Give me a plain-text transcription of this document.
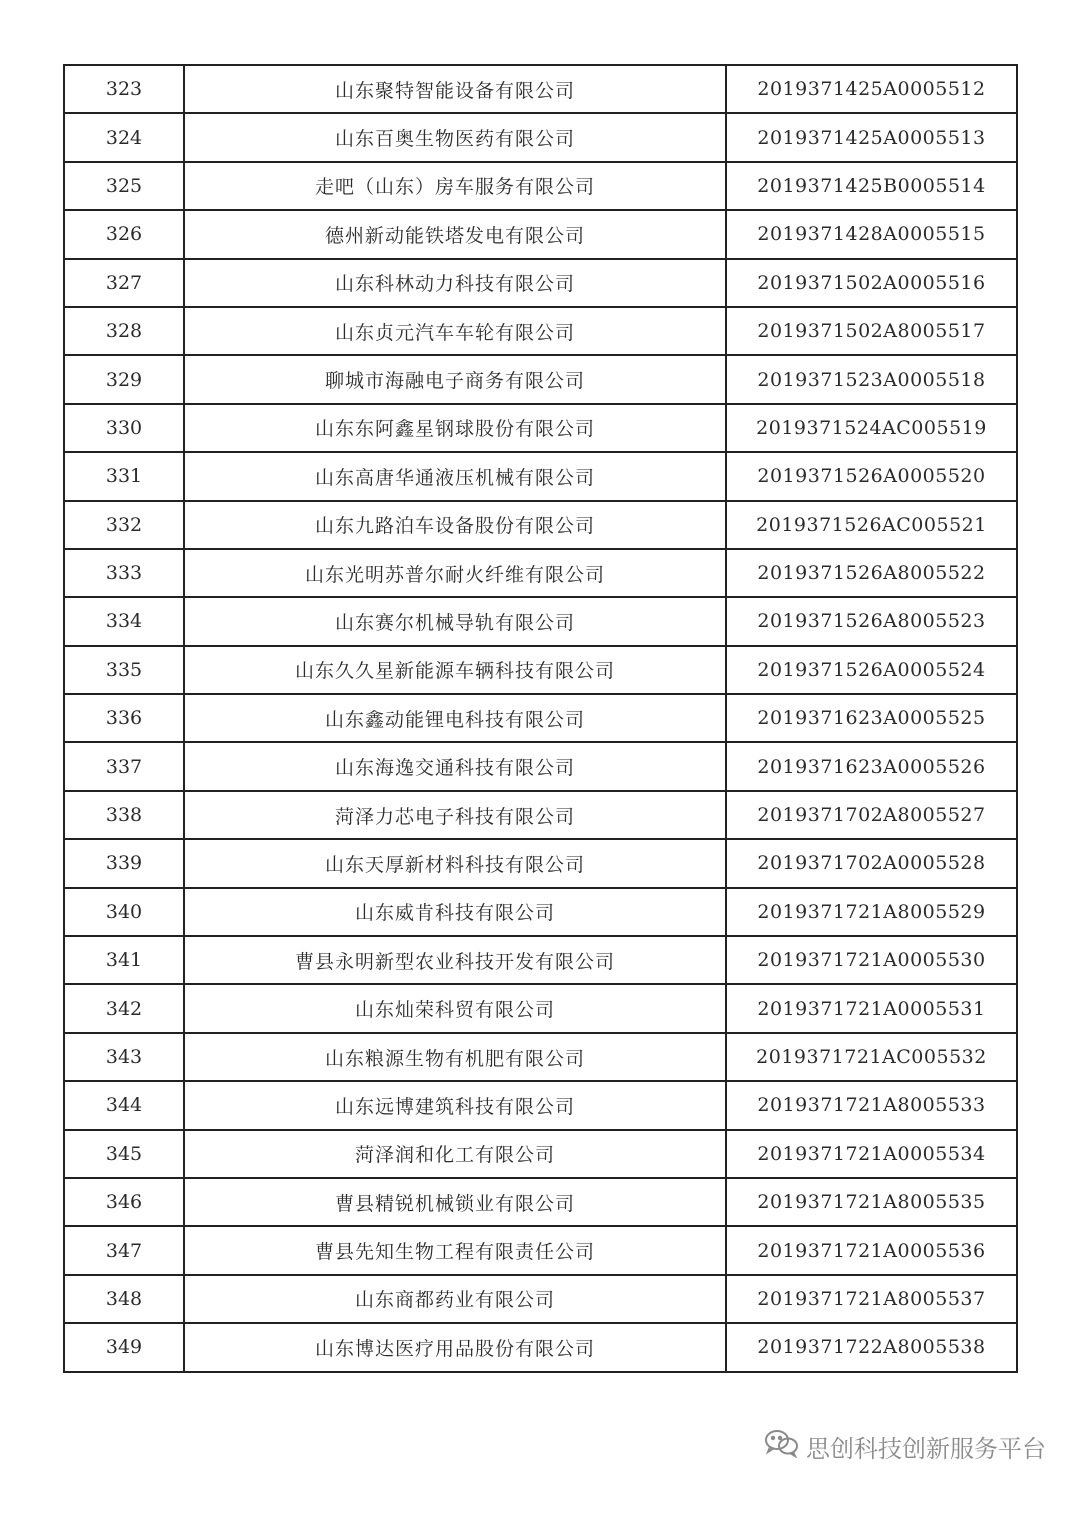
323	山东聚特智能设备有限公司	2019371425A0005512
324	山东百奥生物医药有限公司	2019371425A0005513
325	走吧（山东）房车服务有限公司	2019371425B0005514
326	德州新动能铁塔发电有限公司	2019371428A0005515
327	山东科林动力科技有限公司	2019371502A0005516
328	山东贞元汽车车轮有限公司	2019371502A8005517
329	聊城市海融电子商务有限公司	2019371523A0005518
330	山东东阿鑫星钢球股份有限公司	2019371524AC005519
331	山东高唐华通液压机械有限公司	2019371526A0005520
332	山东九路泊车设备股份有限公司	2019371526AC005521
333	山东光明苏普尔耐火纤维有限公司	2019371526A8005522
334	山东赛尔机械导轨有限公司	2019371526A8005523
335	山东久久星新能源车辆科技有限公司	2019371526A0005524
336	山东鑫动能锂电科技有限公司	2019371623A0005525
337	山东海逸交通科技有限公司	2019371623A0005526
338	菏泽力芯电子科技有限公司	2019371702A8005527
339	山东天厚新材料科技有限公司	2019371702A0005528
340	山东威肯科技有限公司	2019371721A8005529
341	曹县永明新型农业科技开发有限公司	2019371721A0005530
342	山东灿荣科贸有限公司	2019371721A0005531
343	山东粮源生物有机肥有限公司	2019371721AC005532
344	山东远博建筑科技有限公司	2019371721A8005533
345	菏泽润和化工有限公司	2019371721A0005534
346	曹县精锐机械锁业有限公司	2019371721A8005535
347	曹县先知生物工程有限责任公司	2019371721A0005536
348	山东商都药业有限公司	2019371721A8005537
349	山东博达医疗用品股份有限公司	2019371722A8005538
思创科技创新服务平台
